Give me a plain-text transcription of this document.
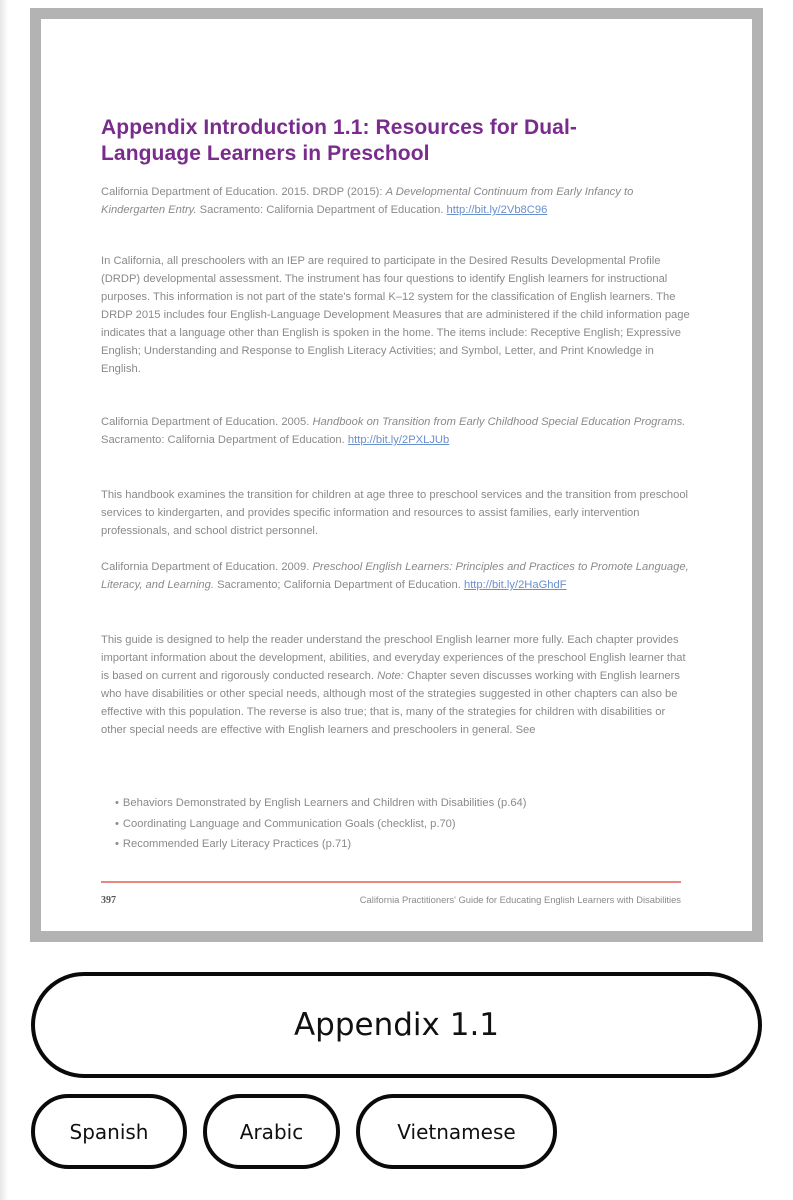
Appendix Introduction 1.1: Resources for Dual-Language Learners in Preschool

California Department of Education. 2015. DRDP (2015): A Developmental Continuum from Early Infancy to Kindergarten Entry. Sacramento: California Department of Education. http://bit.ly/2Vb8C96

In California, all preschoolers with an IEP are required to participate in the Desired Results Developmental Profile (DRDP) developmental assessment. The instrument has four questions to identify English learners for instructional purposes. This information is not part of the state's formal K–12 system for the classification of English learners. The DRDP 2015 includes four English-Language Development Measures that are administered if the child information page indicates that a language other than English is spoken in the home. The items include: Receptive English; Expressive English; Understanding and Response to English Literacy Activities; and Symbol, Letter, and Print Knowledge in English.

California Department of Education. 2005. Handbook on Transition from Early Childhood Special Education Programs. Sacramento: California Department of Education. http://bit.ly/2PXLJUb

This handbook examines the transition for children at age three to preschool services and the transition from preschool services to kindergarten, and provides specific information and resources to assist families, early intervention professionals, and school district personnel.

California Department of Education. 2009. Preschool English Learners: Principles and Practices to Promote Language, Literacy, and Learning. Sacramento; California Department of Education. http://bit.ly/2HaGhdF

This guide is designed to help the reader understand the preschool English learner more fully. Each chapter provides important information about the development, abilities, and everyday experiences of the preschool English learner that is based on current and rigorously conducted research. Note: Chapter seven discusses working with English learners who have disabilities or other special needs, although most of the strategies suggested in other chapters can also be effective with this population. The reverse is also true; that is, many of the strategies for children with disabilities or other special needs are effective with English learners and preschoolers in general. See

• Behaviors Demonstrated by English Learners and Children with Disabilities (p.64)
• Coordinating Language and Communication Goals (checklist, p.70)
• Recommended Early Literacy Practices (p.71)
397	California Practitioners' Guide for Educating English Learners with Disabilities
Appendix 1.1
Spanish	Arabic	Vietnamese
